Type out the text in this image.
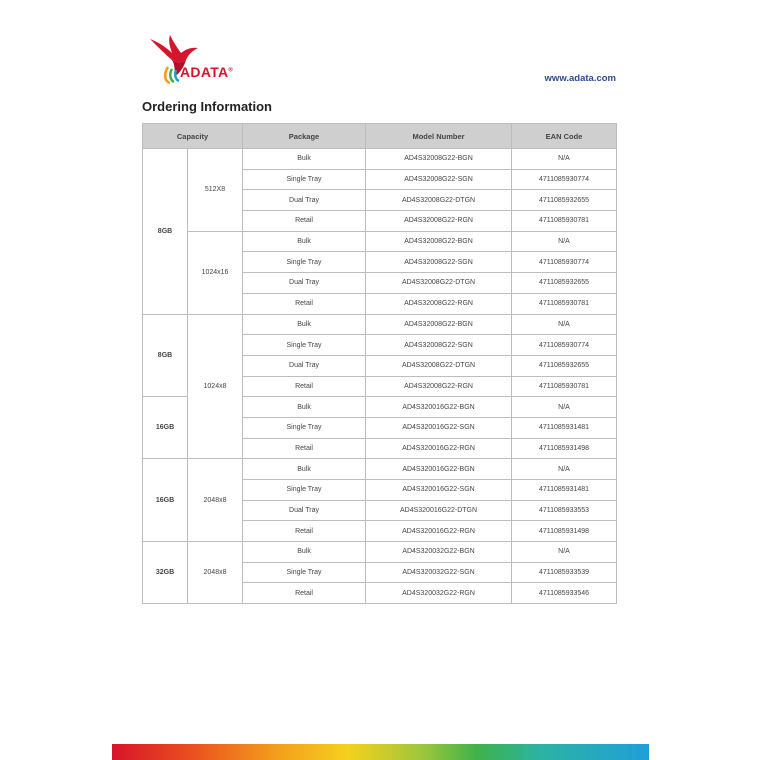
ADATA®
www.adata.com
Ordering Information
Capacity		Package	Model Number	EAN Code
8GB	512X8	Bulk	AD4S32008G22-BGN	N/A
		Single Tray	AD4S32008G22-SGN	4711085930774
		Dual Tray	AD4S32008G22-DTGN	4711085932655
		Retail	AD4S32008G22-RGN	4711085930781
	1024x16	Bulk	AD4S32008G22-BGN	N/A
		Single Tray	AD4S32008G22-SGN	4711085930774
		Dual Tray	AD4S32008G22-DTGN	4711085932655
		Retail	AD4S32008G22-RGN	4711085930781
8GB	1024x8	Bulk	AD4S32008G22-BGN	N/A
		Single Tray	AD4S32008G22-SGN	4711085930774
		Dual Tray	AD4S32008G22-DTGN	4711085932655
		Retail	AD4S32008G22-RGN	4711085930781
16GB		Bulk	AD4S320016G22-BGN	N/A
		Single Tray	AD4S320016G22-SGN	4711085931481
		Retail	AD4S320016G22-RGN	4711085931498
16GB	2048x8	Bulk	AD4S320016G22-BGN	N/A
		Single Tray	AD4S320016G22-SGN	4711085931481
		Dual Tray	AD4S320016G22-DTGN	4711085933553
		Retail	AD4S320016G22-RGN	4711085931498
32GB	2048x8	Bulk	AD4S320032G22-BGN	N/A
		Single Tray	AD4S320032G22-SGN	4711085933539
		Retail	AD4S320032G22-RGN	4711085933546
